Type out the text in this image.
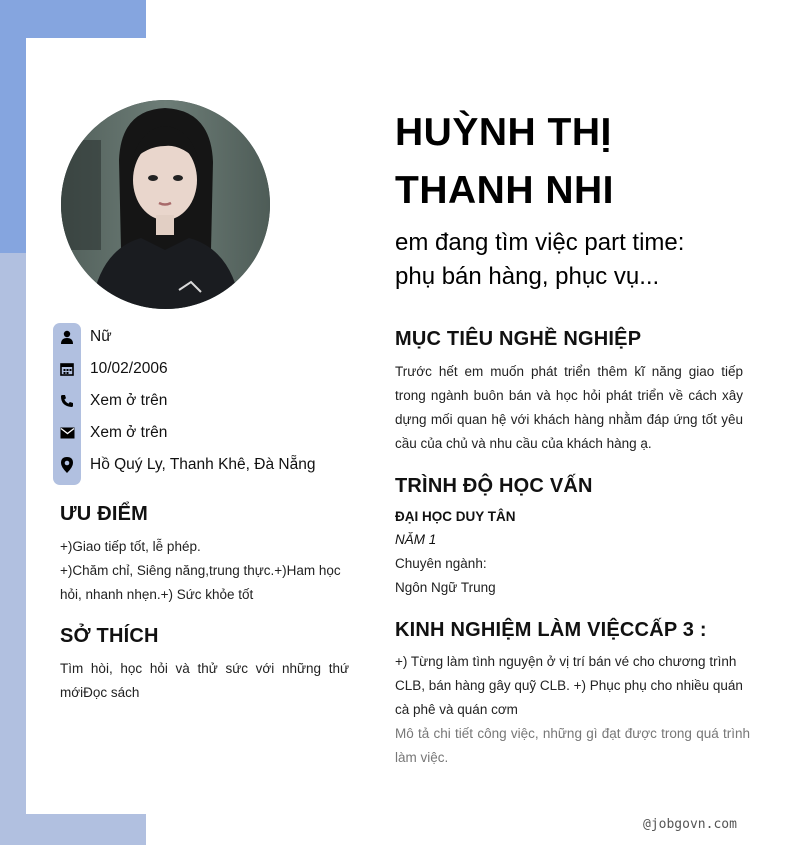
Nữ
10/02/2006
Xem ở trên
Xem ở trên
Hồ Quý Ly, Thanh Khê, Đà Nẵng
ƯU ĐIỂM
+)Giao tiếp tốt, lễ phép.
+)Chăm chỉ, Siêng năng,trung thực.+)Ham học
hỏi, nhanh nhẹn.+) Sức khỏe tốt
SỞ THÍCH
Tìm hòi, học hỏi và thử sức với những thứ mớiĐọc sách
HUỲNH THỊ
THANH NHI
em đang tìm việc part time:
phụ bán hàng, phục vụ...
MỤC TIÊU NGHỀ NGHIỆP
Trước hết em muốn phát triển thêm kĩ năng giao tiếp trong ngành buôn bán và học hỏi phát triển về cách xây dựng mối quan hệ với khách hàng nhằm đáp ứng tốt yêu cầu của chủ và nhu cầu của khách hàng ạ.
TRÌNH ĐỘ HỌC VẤN
ĐẠI HỌC DUY TÂN
NĂM 1
Chuyên ngành:
Ngôn Ngữ Trung
KINH NGHIỆM LÀM VIỆCCẤP 3 :
+) Từng làm tình nguyện ở vị trí bán vé cho chương trình CLB, bán hàng gây quỹ CLB. +) Phục phụ cho nhiều quán cà phê và quán cơm
Mô tả chi tiết công việc, những gì đạt được trong quá trình làm việc.
@jobgovn.com
